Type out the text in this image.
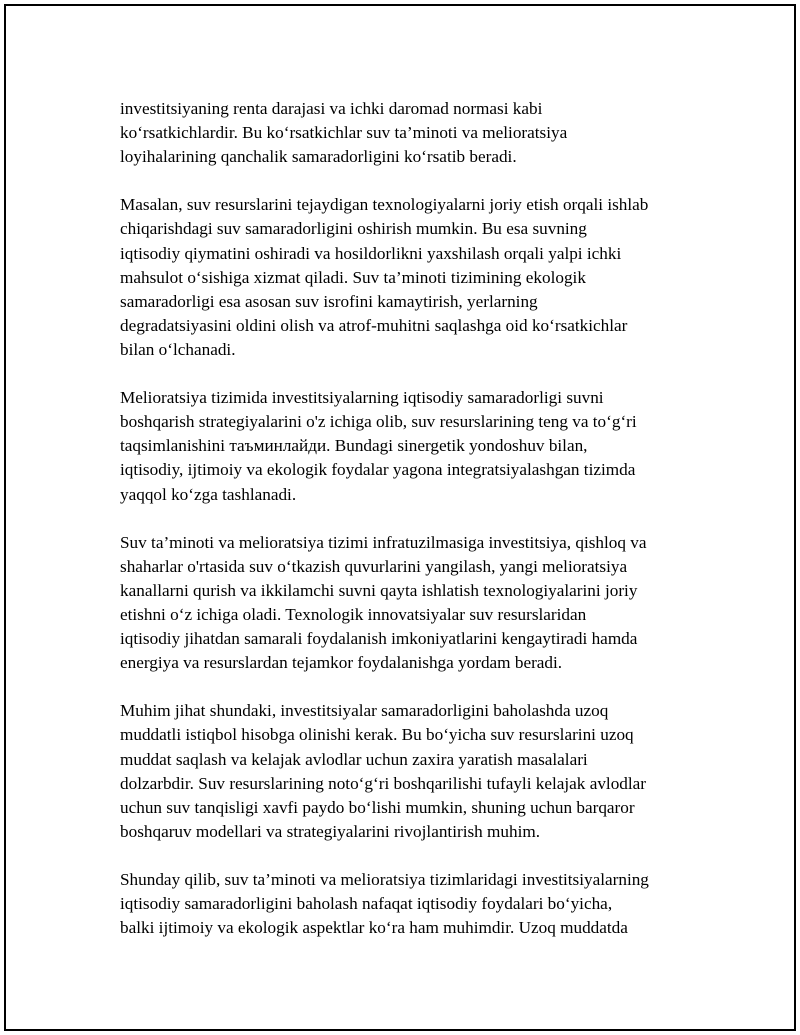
investitsiyaning renta darajasi va ichki daromad normasi kabi
ko‘rsatkichlardir. Bu ko‘rsatkichlar suv ta’minoti va melioratsiya
loyihalarining qanchalik samaradorligini ko‘rsatib beradi.

Masalan, suv resurslarini tejaydigan texnologiyalarni joriy etish orqali ishlab
chiqarishdagi suv samaradorligini oshirish mumkin. Bu esa suvning
iqtisodiy qiymatini oshiradi va hosildorlikni yaxshilash orqali yalpi ichki
mahsulot o‘sishiga xizmat qiladi. Suv ta’minoti tizimining ekologik
samaradorligi esa asosan suv isrofini kamaytirish, yerlarning
degradatsiyasini oldini olish va atrof-muhitni saqlashga oid ko‘rsatkichlar
bilan o‘lchanadi.

Melioratsiya tizimida investitsiyalarning iqtisodiy samaradorligi suvni
boshqarish strategiyalarini o'z ichiga olib, suv resurslarining teng va to‘g‘ri
taqsimlanishini таъминлайди. Bundagi sinergetik yondoshuv bilan,
iqtisodiy, ijtimoiy va ekologik foydalar yagona integratsiyalashgan tizimda
yaqqol ko‘zga tashlanadi.

Suv ta’minoti va melioratsiya tizimi infratuzilmasiga investitsiya, qishloq va
shaharlar o'rtasida suv o‘tkazish quvurlarini yangilash, yangi melioratsiya
kanallarni qurish va ikkilamchi suvni qayta ishlatish texnologiyalarini joriy
etishni o‘z ichiga oladi. Texnologik innovatsiyalar suv resurslaridan
iqtisodiy jihatdan samarali foydalanish imkoniyatlarini kengaytiradi hamda
energiya va resurslardan tejamkor foydalanishga yordam beradi.

Muhim jihat shundaki, investitsiyalar samaradorligini baholashda uzoq
muddatli istiqbol hisobga olinishi kerak. Bu bo‘yicha suv resurslarini uzoq
muddat saqlash va kelajak avlodlar uchun zaxira yaratish masalalari
dolzarbdir. Suv resurslarining noto‘g‘ri boshqarilishi tufayli kelajak avlodlar
uchun suv tanqisligi xavfi paydo bo‘lishi mumkin, shuning uchun barqaror
boshqaruv modellari va strategiyalarini rivojlantirish muhim.

Shunday qilib, suv ta’minoti va melioratsiya tizimlaridagi investitsiyalarning
iqtisodiy samaradorligini baholash nafaqat iqtisodiy foydalari bo‘yicha,
balki ijtimoiy va ekologik aspektlar ko‘ra ham muhimdir. Uzoq muddatda
